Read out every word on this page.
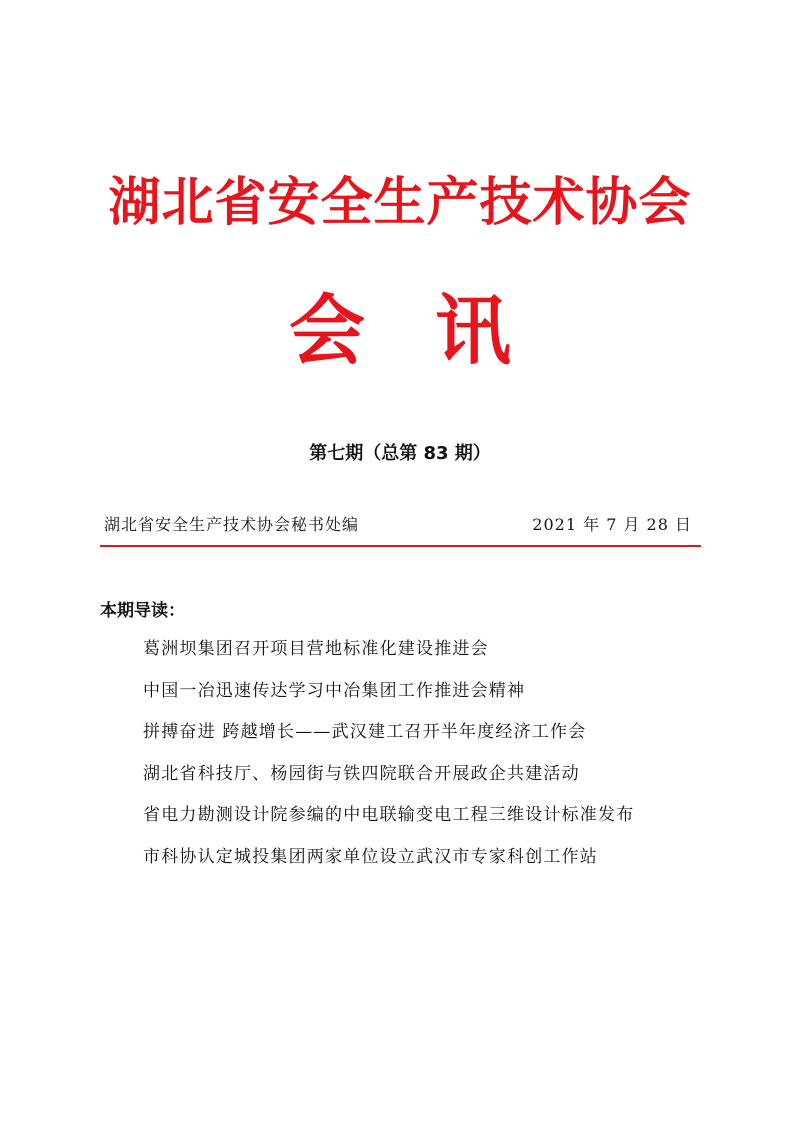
湖北省安全生产技术协会
会讯
第七期（总第 83 期）
湖北省安全生产技术协会秘书处编	2021 年 7 月 28 日
本期导读：
葛洲坝集团召开项目营地标准化建设推进会
中国一冶迅速传达学习中冶集团工作推进会精神
拼搏奋进 跨越增长——武汉建工召开半年度经济工作会
湖北省科技厅、杨园街与铁四院联合开展政企共建活动
省电力勘测设计院参编的中电联输变电工程三维设计标准发布
市科协认定城投集团两家单位设立武汉市专家科创工作站
